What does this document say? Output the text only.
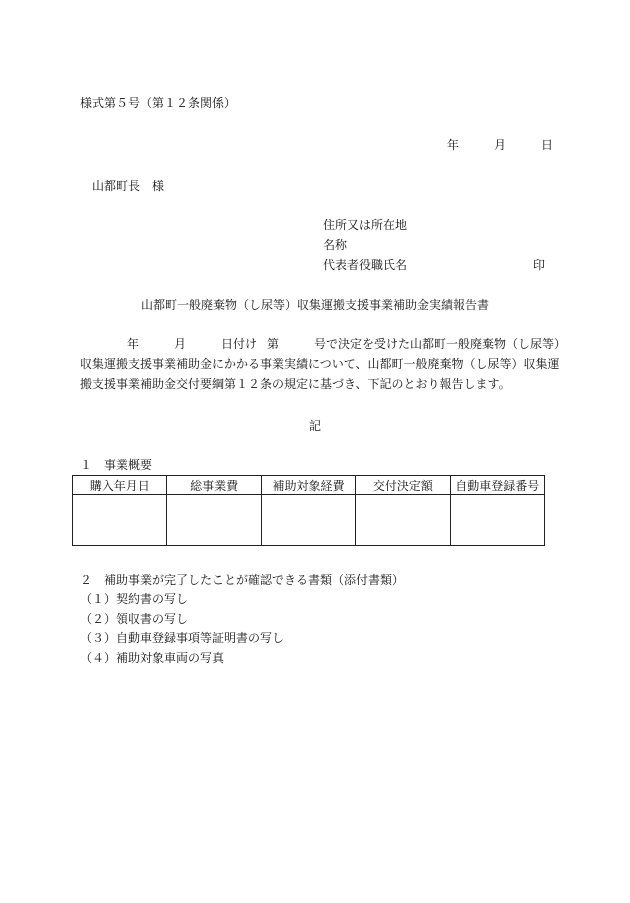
様式第５号（第１２条関係）
年	月	日
山都町長　様
住所又は所在地
名称
代表者役職氏名	印
山都町一般廃棄物（し尿等）収集運搬支援事業補助金実績報告書
年	月	日付け 第	号で決定を受けた山都町一般廃棄物（し尿等）
収集運搬支援事業補助金にかかる事業実績について、山都町一般廃棄物（し尿等）収集運
搬支援事業補助金交付要綱第１２条の規定に基づき、下記のとおり報告します。
記
１　事業概要
購入年月日	総事業費	補助対象経費	交付決定額	自動車登録番号

２　補助事業が完了したことが確認できる書類（添付書類）
（１）契約書の写し
（２）領収書の写し
（３）自動車登録事項等証明書の写し
（４）補助対象車両の写真
